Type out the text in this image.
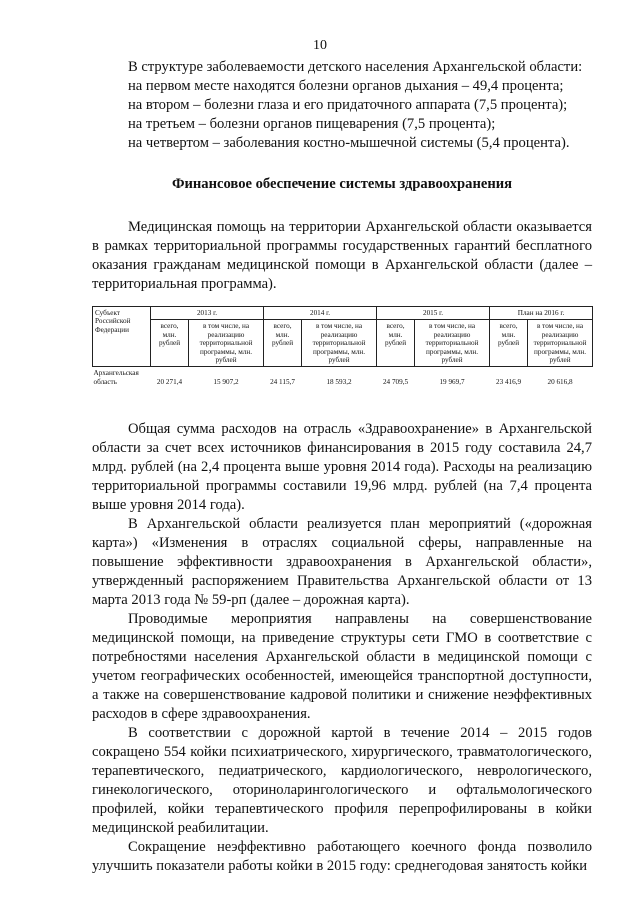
10

В структуре заболеваемости детского населения Архангельской области:

на первом месте находятся болезни органов дыхания – 49,4 процента;

на втором – болезни глаза и его придаточного аппарата (7,5 процента);

на третьем – болезни органов пищеварения (7,5 процента);

на четвертом – заболевания костно-мышечной системы (5,4 процента).

Финансовое обеспечение системы здравоохранения

Медицинская помощь на территории Архангельской области оказывается в рамках территориальной программы государственных гарантий бесплатного оказания гражданам медицинской помощи в Архангельской области (далее – территориальная программа).

Субъект Российской Федерации	2013 г.		2014 г.		2015 г.		План на 2016 г.	
	всего, млн. рублей	в том числе, на реализацию территориальной программы, млн. рублей	всего, млн. рублей	в том числе, на реализацию территориальной программы, млн. рублей	всего, млн. рублей	в том числе, на реализацию территориальной программы, млн. рублей	всего, млн. рублей	в том числе, на реализацию территориальной программы, млн. рублей
Архангельская область	20 271,4	15 907,2	24 115,7	18 593,2	24 709,5	19 969,7	23 416,9	20 616,8

Общая сумма расходов на отрасль «Здравоохранение» в Архангельской области за счет всех источников финансирования в 2015 году составила 24,7 млрд. рублей (на 2,4 процента выше уровня 2014 года). Расходы на реализацию территориальной программы составили 19,96 млрд. рублей (на 7,4 процента выше уровня 2014 года).

В Архангельской области реализуется план мероприятий («дорожная карта») «Изменения в отраслях социальной сферы, направленные на повышение эффективности здравоохранения в Архангельской области», утвержденный распоряжением Правительства Архангельской области от 13 марта 2013 года № 59-рп (далее – дорожная карта).

Проводимые мероприятия направлены на совершенствование медицинской помощи, на приведение структуры сети ГМО в соответствие с потребностями населения Архангельской области в медицинской помощи с учетом географических особенностей, имеющейся транспортной доступности, а также на совершенствование кадровой политики и снижение неэффективных расходов в сфере здравоохранения.

В соответствии с дорожной картой в течение 2014 – 2015 годов сокращено 554 койки психиатрического, хирургического, травматологического, терапевтического, педиатрического, кардиологического, неврологического, гинекологического, оториноларингологического и офтальмологического профилей, койки терапевтического профиля перепрофилированы в койки медицинской реабилитации.

Сокращение неэффективно работающего коечного фонда позволило улучшить показатели работы койки в 2015 году: среднегодовая занятость койки
